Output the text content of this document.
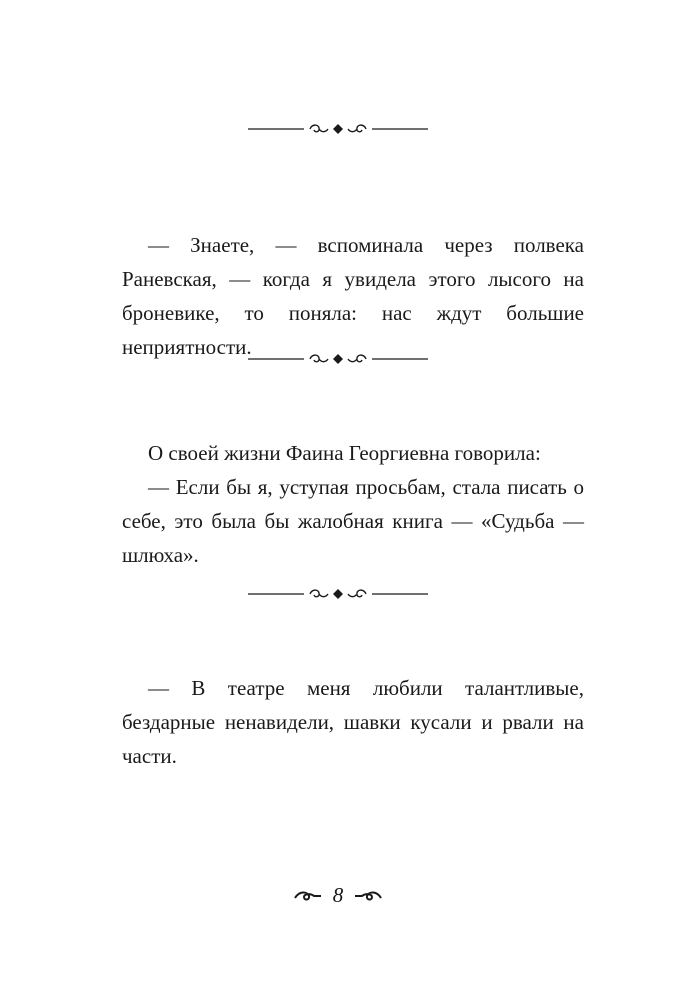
— Знаете, — вспоминала через полвека Раневская, — когда я увидела этого лысого на броневике, то поняла: нас ждут большие неприятности.

О своей жизни Фаина Георгиевна говорила:

— Если бы я, уступая просьбам, стала писать о себе, это была бы жалобная книга — «Судьба — шлюха».

— В театре меня любили талантливые, бездарные ненавидели, шавки кусали и рвали на части.

8
